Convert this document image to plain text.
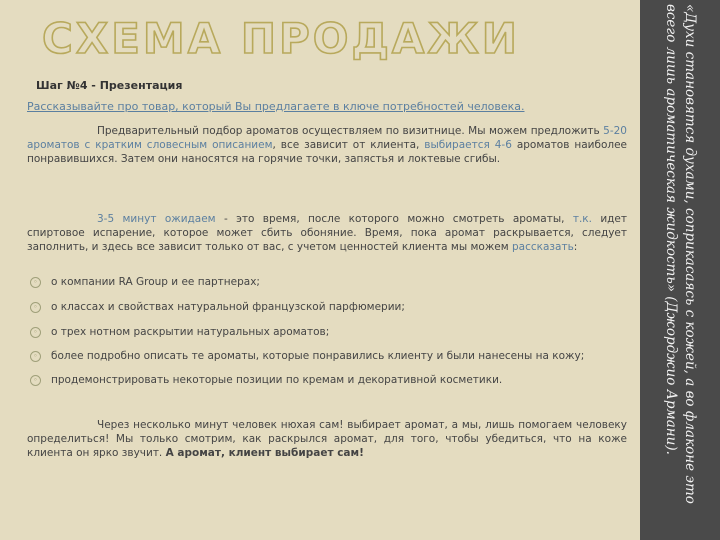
СХЕМА ПРОДАЖИ
Шаг №4 - Презентация
Рассказывайте про товар, который Вы предлагаете в ключе потребностей человека.
Предварительный подбор ароматов осуществляем по визитнице. Мы можем предложить 5-20 ароматов с кратким словесным описанием, все зависит от клиента, выбирается 4-6 ароматов наиболее понравившихся. Затем они наносятся на горячие точки, запястья и локтевые сгибы.
3-5 минут ожидаем - это время, после которого можно смотреть ароматы, т.к. идет спиртовое испарение, которое может сбить обоняние. Время, пока аромат раскрывается, следует заполнить, и здесь все зависит только от вас, с учетом ценностей клиента мы можем рассказать:
◦	о компании RA Group и ее партнерах;
◦	о классах и свойствах натуральной французской парфюмерии;
◦	о трех нотном раскрытии натуральных ароматов;
◦	более подробно описать те ароматы, которые понравились клиенту и были нанесены на кожу;
◦	продемонстрировать некоторые позиции по кремам и декоративной косметики.
Через несколько минут человек нюхая сам! выбирает аромат, а мы, лишь помогаем человеку определиться! Мы только смотрим, как раскрылся аромат, для того, чтобы убедиться, что на коже клиента он ярко звучит. А аромат, клиент выбирает сам!	«Духи становятся духами, соприкасаясь с кожей, а во флаконе это всего лишь ароматическая жидкость» (Джорджио Армани).
